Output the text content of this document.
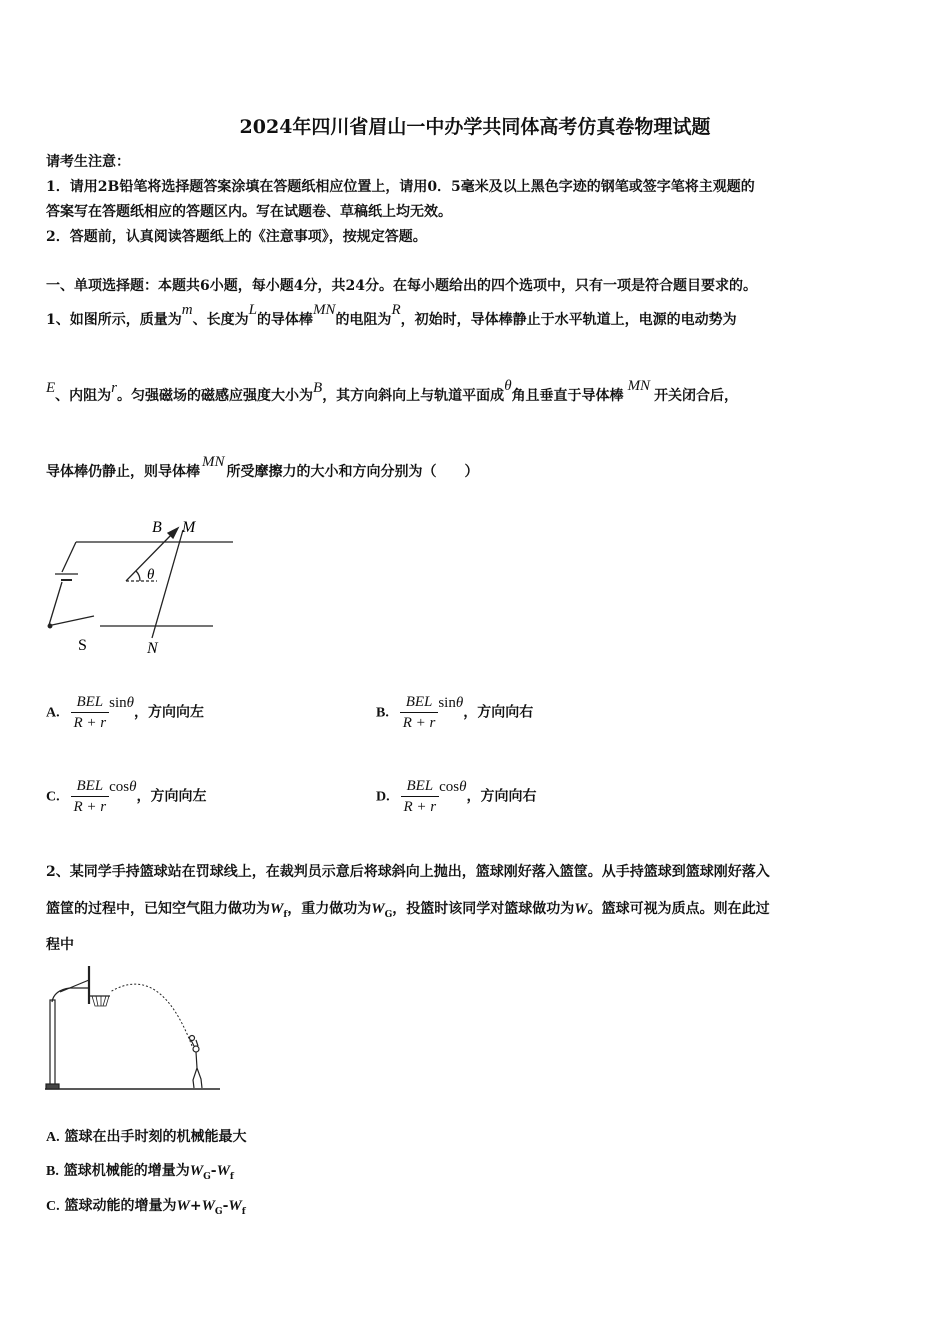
2024年四川省眉山一中办学共同体高考仿真卷物理试题
请考生注意：
1．请用2B铅笔将选择题答案涂填在答题纸相应位置上，请用0．5毫米及以上黑色字迹的钢笔或签字笔将主观题的
答案写在答题纸相应的答题区内。写在试题卷、草稿纸上均无效。
2．答题前，认真阅读答题纸上的《注意事项》，按规定答题。
一、单项选择题：本题共6小题，每小题4分，共24分。在每小题给出的四个选项中，只有一项是符合题目要求的。
1、如图所示，质量为m、长度为L的导体棒MN的电阻为R，初始时，导体棒静止于水平轨道上，电源的电动势为
E、内阻为r。匀强磁场的磁感应强度大小为B，其方向斜向上与轨道平面成θ角且垂直于导体棒MN开关闭合后，
导体棒仍静止，则导体棒MN所受摩擦力的大小和方向分别为（　　）
B M
θ
S	N
A. $\frac{\text{BEL}}{R + r}$ sinθ，方向向左	B. $\frac{\text{BEL}}{R + r}$ sinθ，方向向右
C. $\frac{\text{BEL}}{R + r}$ cosθ，方向向左	D. $\frac{\text{BEL}}{R + r}$ cosθ，方向向右
2、某同学手持篮球站在罚球线上，在裁判员示意后将球斜向上抛出，篮球刚好落入篮筐。从手持篮球到篮球刚好落入
篮筐的过程中，已知空气阻力做功为$W_f$，重力做功为$W_G$，投篮时该同学对篮球做功为W。篮球可视为质点。则在此过
程中
A. 篮球在出手时刻的机械能最大
B. 篮球机械能的增量为$W_G-W_f$
C. 篮球动能的增量为$W+W_G-W_f$
